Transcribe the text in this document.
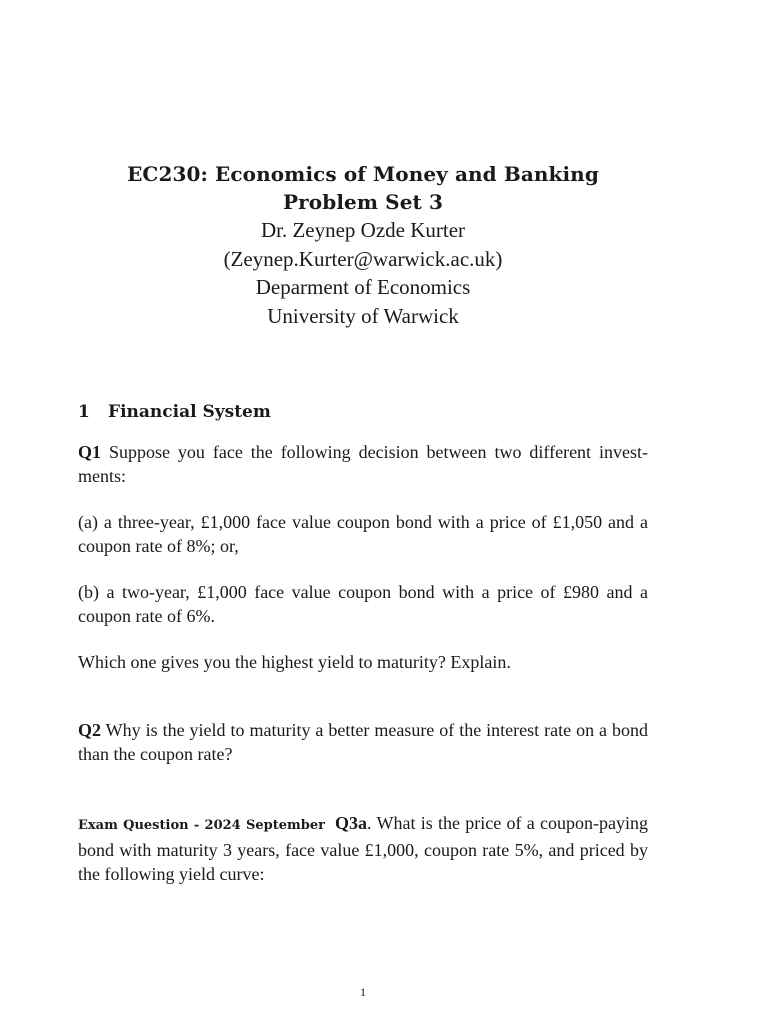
EC230: Economics of Money and Banking
Problem Set 3
Dr. Zeynep Ozde Kurter
(Zeynep.Kurter@warwick.ac.uk)
Deparment of Economics
University of Warwick
1 Financial System
Q1 Suppose you face the following decision between two different invest-ments:
(a) a three-year, £1,000 face value coupon bond with a price of £1,050 and a coupon rate of 8%; or,
(b) a two-year, £1,000 face value coupon bond with a price of £980 and a coupon rate of 6%.
Which one gives you the highest yield to maturity? Explain.
Q2 Why is the yield to maturity a better measure of the interest rate on a bond than the coupon rate?
Exam Question - 2024 September Q3a. What is the price of a coupon-paying bond with maturity 3 years, face value £1,000, coupon rate 5%, and priced by the following yield curve:
1
